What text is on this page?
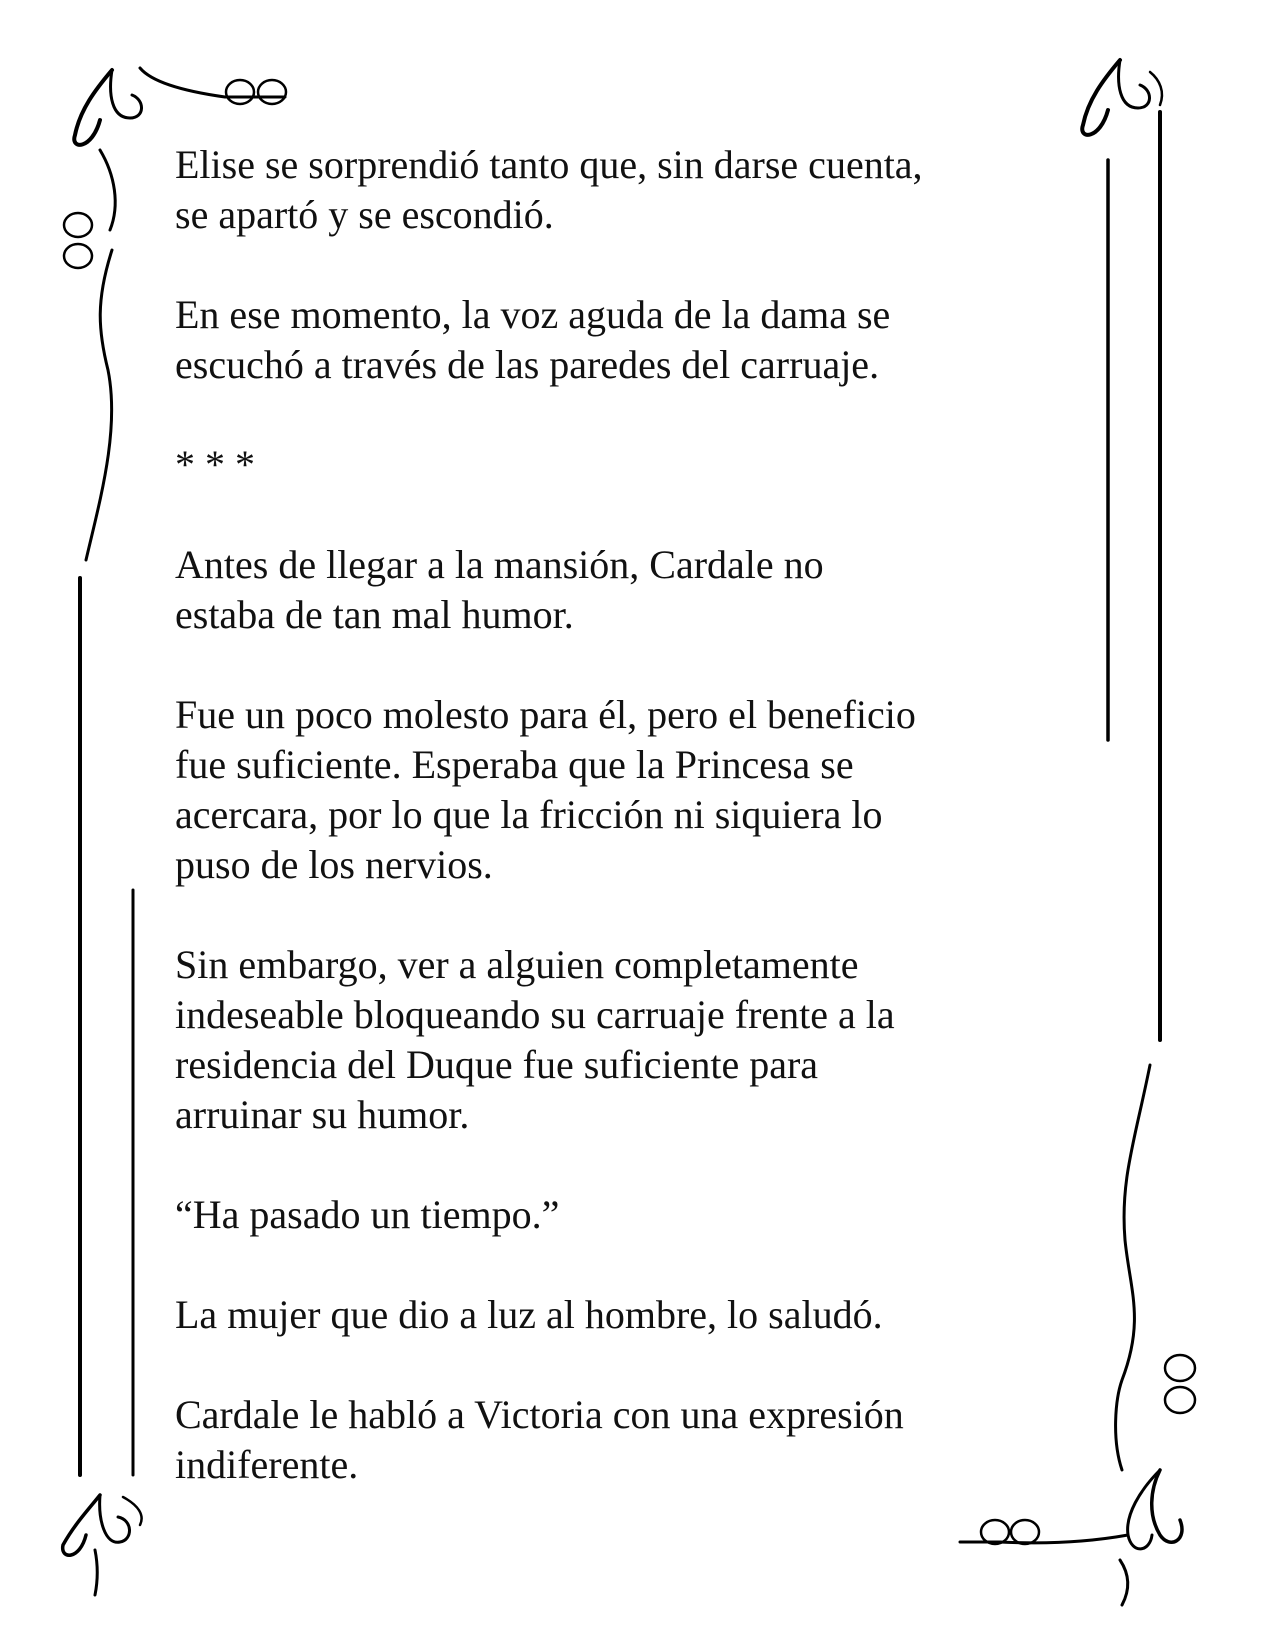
Elise se sorprendió tanto que, sin darse cuenta,
se apartó y se escondió.

En ese momento, la voz aguda de la dama se
escuchó a través de las paredes del carruaje.

* * *

Antes de llegar a la mansión, Cardale no
estaba de tan mal humor.

Fue un poco molesto para él, pero el beneficio
fue suficiente. Esperaba que la Princesa se
acercara, por lo que la fricción ni siquiera lo
puso de los nervios.

Sin embargo, ver a alguien completamente
indeseable bloqueando su carruaje frente a la
residencia del Duque fue suficiente para
arruinar su humor.

“Ha pasado un tiempo.”

La mujer que dio a luz al hombre, lo saludó.

Cardale le habló a Victoria con una expresión
indiferente.
